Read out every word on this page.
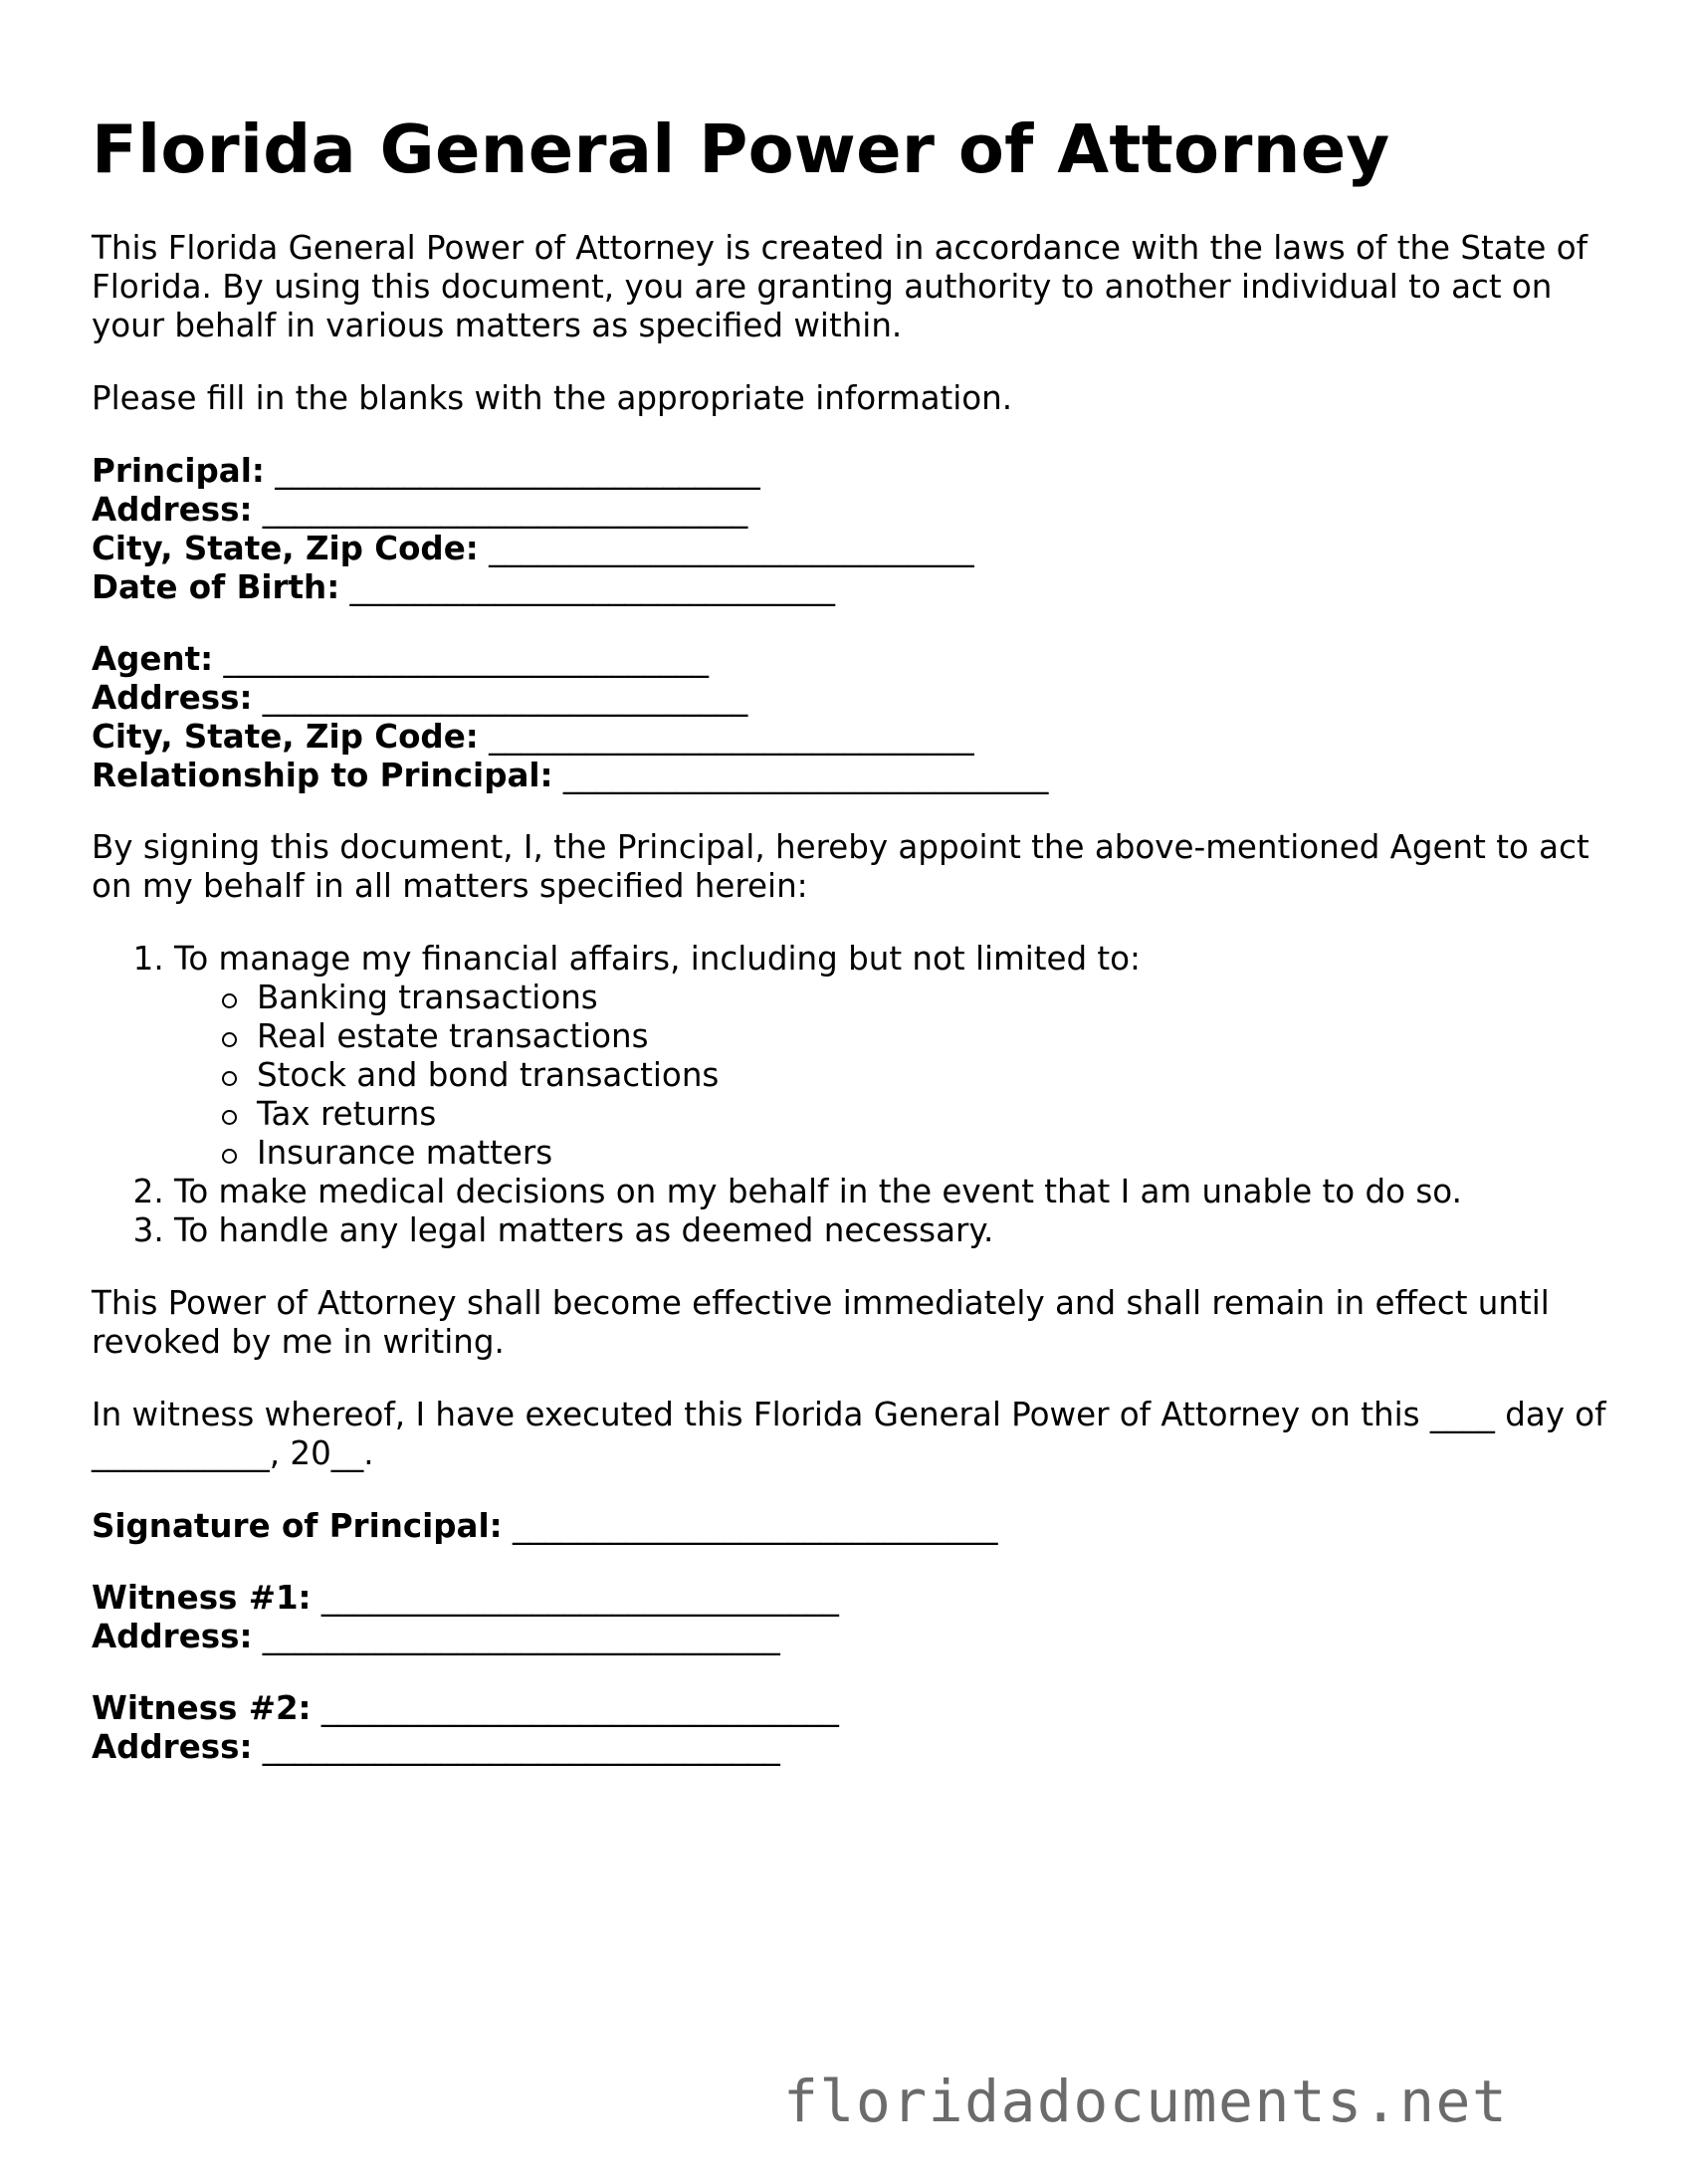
Florida General Power of Attorney

This Florida General Power of Attorney is created in accordance with the laws of the State of Florida. By using this document, you are granting authority to another individual to act on your behalf in various matters as specified within.

Please fill in the blanks with the appropriate information.

Principal: ______________________________
Address: ______________________________
City, State, Zip Code: ______________________________
Date of Birth: ______________________________
Agent: ______________________________
Address: ______________________________
City, State, Zip Code: ______________________________
Relationship to Principal: ______________________________

By signing this document, I, the Principal, hereby appoint the above-mentioned Agent to act on my behalf in all matters specified herein:

1. To manage my financial affairs, including but not limited to:
Banking transactions
Real estate transactions
Stock and bond transactions
Tax returns
Insurance matters
2. To make medical decisions on my behalf in the event that I am unable to do so.
3. To handle any legal matters as deemed necessary.

This Power of Attorney shall become effective immediately and shall remain in effect until revoked by me in writing.

In witness whereof, I have executed this Florida General Power of Attorney on this ____ day of ___________, 20__.

Signature of Principal: ______________________________
Witness #1: ________________________________
Address: ________________________________
Witness #2: ________________________________
Address: ________________________________
floridadocuments.net
